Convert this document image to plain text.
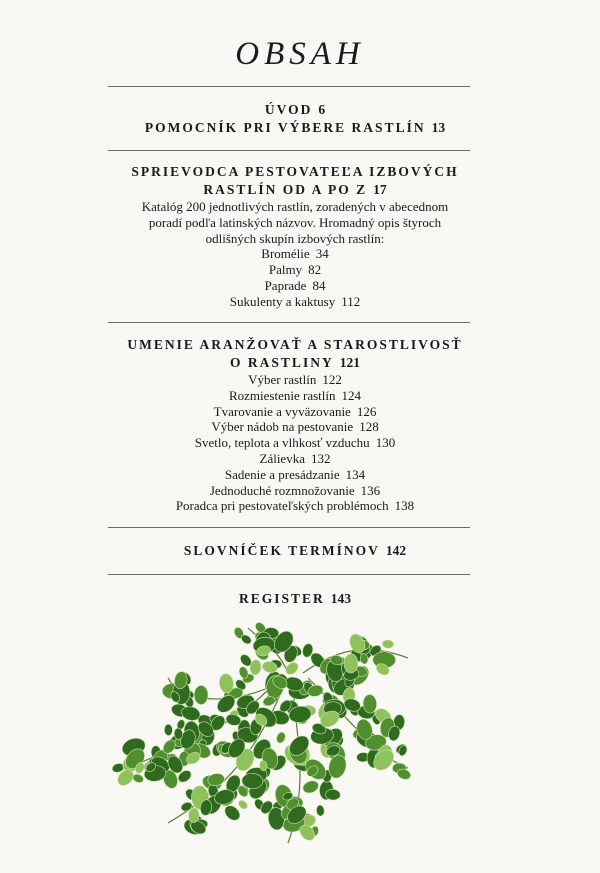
OBSAH
ÚVOD 6
POMOCNÍK PRI VÝBERE RASTLÍN 13
SPRIEVODCA PESTOVATEĽA IZBOVÝCH
RASTLÍN OD A PO Z 17
Katalóg 200 jednotlivých rastlín, zoradených v abecednom
poradí podľa latinských názvov. Hromadný opis štyroch
odlišných skupín izbových rastlín:
Bromélie 34
Palmy 82
Paprade 84
Sukulenty a kaktusy 112
UMENIE ARANŽOVAŤ A STAROSTLIVOSŤ
O RASTLINY 121
Výber rastlín 122
Rozmiestenie rastlín 124
Tvarovanie a vyväzovanie 126
Výber nádob na pestovanie 128
Svetlo, teplota a vlhkosť vzduchu 130
Zálievka 132
Sadenie a presádzanie 134
Jednoduché rozmnožovanie 136
Poradca pri pestovateľských problémoch 138
SLOVNÍČEK TERMÍNOV 142
REGISTER 143
